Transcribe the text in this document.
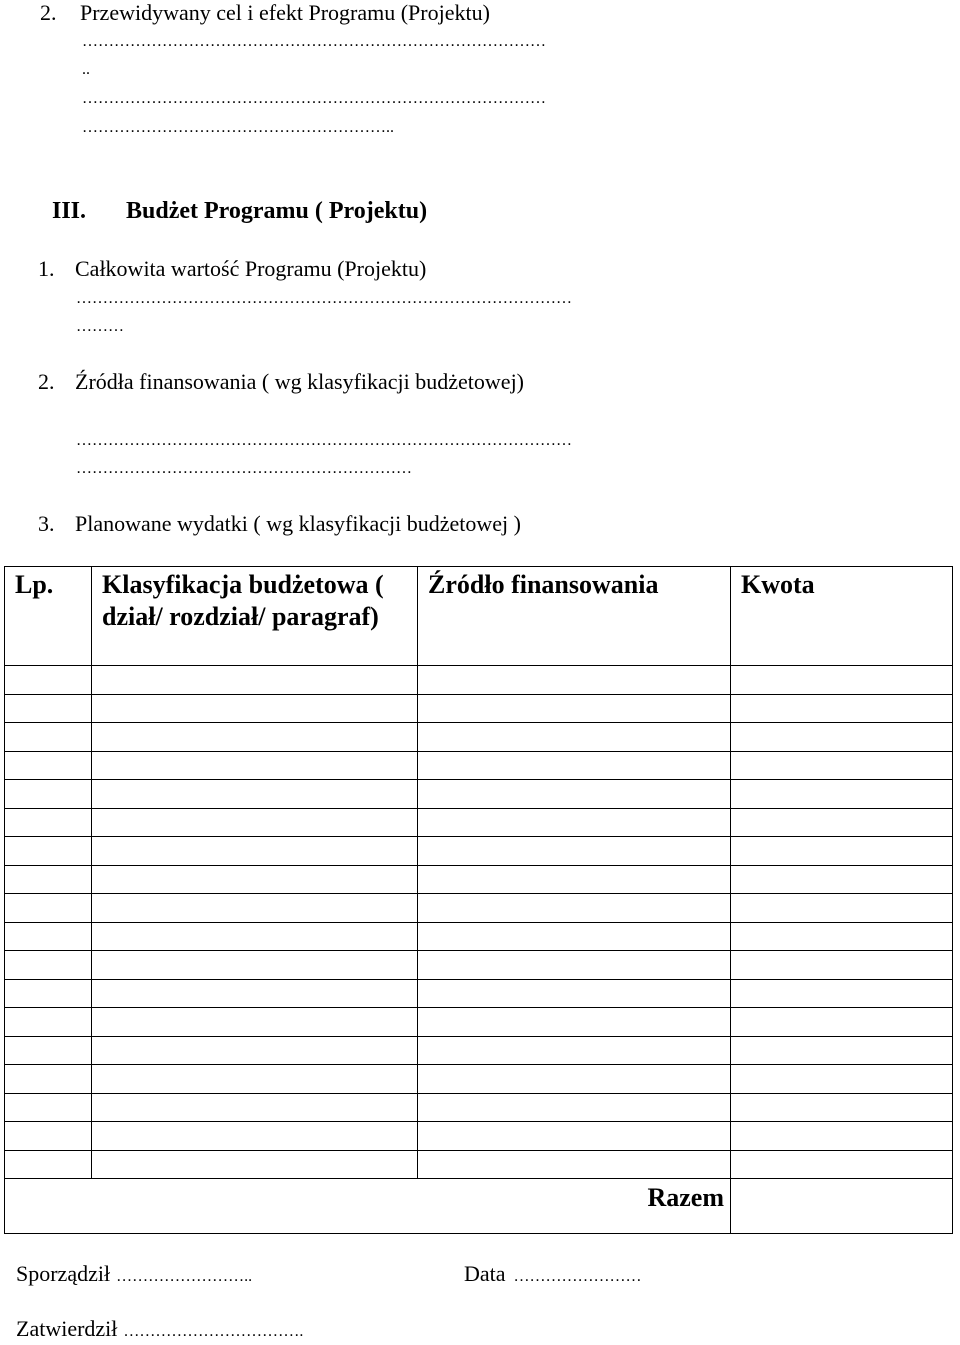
2. Przewidywany cel i efekt Programu (Projektu)
……………………………………………………………………………
..
……………………………………………………………………………
…………………………………………………..
III. Budżet Programu ( Projektu)
1. Całkowita wartość Programu (Projektu)
…………………………………………………………………………………
………
2. Źródła finansowania ( wg klasyfikacji budżetowej)
…………………………………………………………………………………
………………………………………………………
3. Planowane wydatki ( wg klasyfikacji budżetowej )
Lp.	Klasyfikacja budżetowa ( dział/ rozdział/ paragraf)	Źródło finansowania	Kwota

Razem			
Sporządził ……………………..	Data ……………………
Zatwierdził …………………………….
